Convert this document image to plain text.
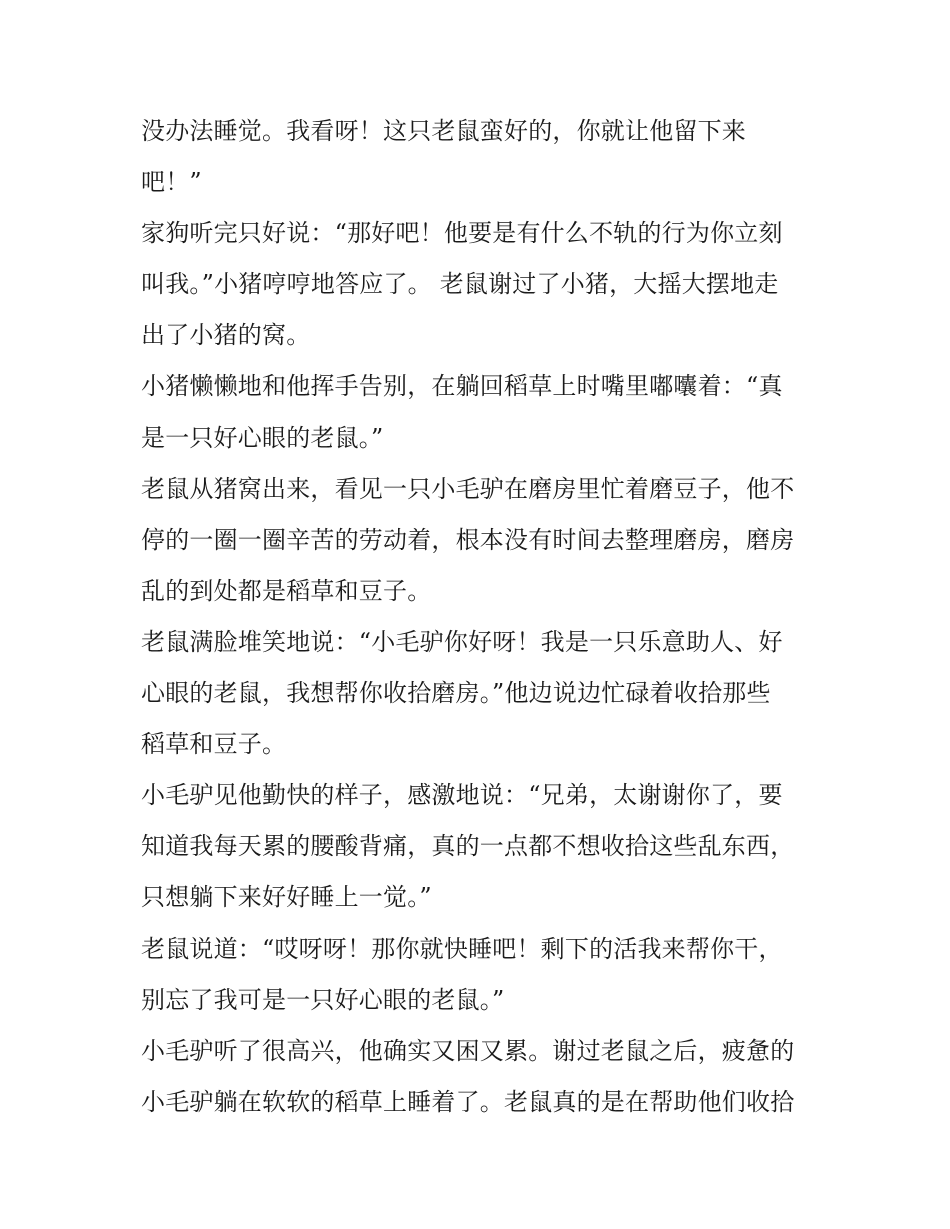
没办法睡觉。我看呀！这只老鼠蛮好的，你就让他留下来
吧！”
家狗听完只好说：“那好吧！他要是有什么不轨的行为你立刻
叫我。”小猪哼哼地答应了。 老鼠谢过了小猪，大摇大摆地走
出了小猪的窝。
小猪懒懒地和他挥手告别，在躺回稻草上时嘴里嘟囔着：“真
是一只好心眼的老鼠。”
老鼠从猪窝出来，看见一只小毛驴在磨房里忙着磨豆子，他不
停的一圈一圈辛苦的劳动着，根本没有时间去整理磨房，磨房
乱的到处都是稻草和豆子。
老鼠满脸堆笑地说：“小毛驴你好呀！我是一只乐意助人、好
心眼的老鼠，我想帮你收拾磨房。”他边说边忙碌着收拾那些
稻草和豆子。
小毛驴见他勤快的样子，感激地说：“兄弟，太谢谢你了，要
知道我每天累的腰酸背痛，真的一点都不想收拾这些乱东西，
只想躺下来好好睡上一觉。”
老鼠说道：“哎呀呀！那你就快睡吧！剩下的活我来帮你干，
别忘了我可是一只好心眼的老鼠。”
小毛驴听了很高兴，他确实又困又累。谢过老鼠之后，疲惫的
小毛驴躺在软软的稻草上睡着了。老鼠真的是在帮助他们收拾
